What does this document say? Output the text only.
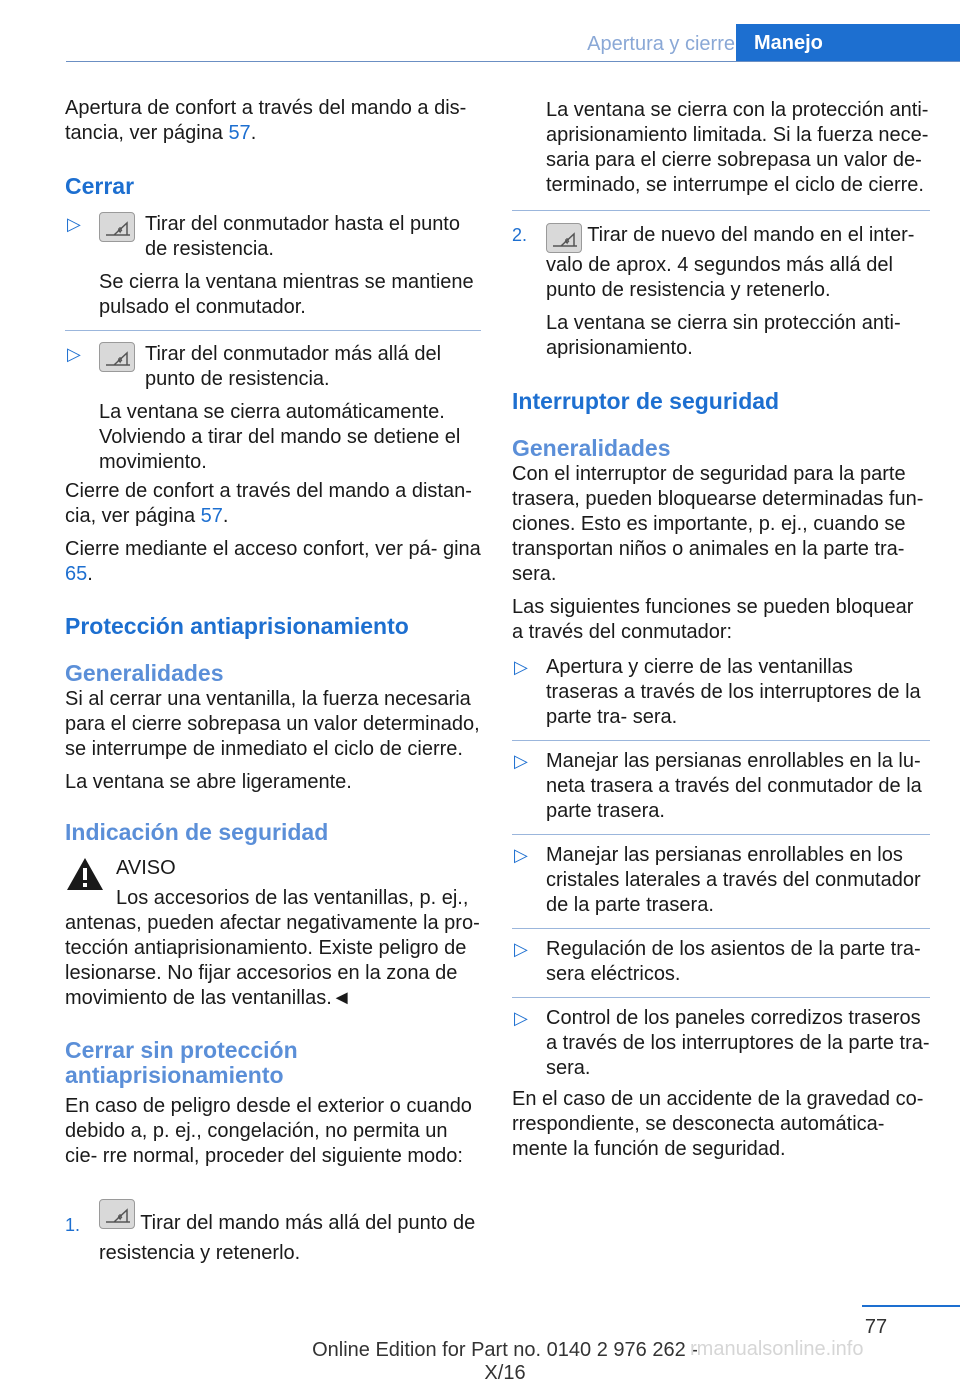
Apertura y cierre Manejo

Apertura de confort a través del mando a dis‐ tancia, ver página 57.

Cerrar
▷	Tirar del conmutador hasta el punto de resistencia.

Se cierra la ventana mientras se mantiene pulsado el conmutador.

▷	Tirar del conmutador más allá del punto de resistencia.

La ventana se cierra automáticamente. Volviendo a tirar del mando se detiene el movimiento.

Cierre de confort a través del mando a distan‐ cia, ver página 57.

Cierre mediante el acceso confort, ver pá‐ gina 65.

Protección antiaprisionamiento
Generalidades

Si al cerrar una ventanilla, la fuerza necesaria para el cierre sobrepasa un valor determinado, se interrumpe de inmediato el ciclo de cierre.

La ventana se abre ligeramente.

Indicación de seguridad

AVISO

Los accesorios de las ventanillas, p. ej.,

antenas, pueden afectar negativamente la pro‐ tección antiaprisionamiento. Existe peligro de lesionarse. No fijar accesorios en la zona de movimiento de las ventanillas.◄

Cerrar sin protección antiaprisionamiento

En caso de peligro desde el exterior o cuando debido a, p. ej., congelación, no permita un cie‐ rre normal, proceder del siguiente modo:

1.	Tirar del mando más allá del punto de resistencia y retenerlo.

La ventana se cierra con la protección anti‐ aprisionamiento limitada. Si la fuerza nece‐ saria para el cierre sobrepasa un valor de‐ terminado, se interrumpe el ciclo de cierre.

2.	Tirar de nuevo del mando en el inter‐ valo de aprox. 4 segundos más allá del punto de resistencia y retenerlo.

La ventana se cierra sin protección anti‐ aprisionamiento.

Interruptor de seguridad
Generalidades

Con el interruptor de seguridad para la parte trasera, pueden bloquearse determinadas fun‐ ciones. Esto es importante, p. ej., cuando se transportan niños o animales en la parte tra‐ sera.

Las siguientes funciones se pueden bloquear a través del conmutador:

▷ Apertura y cierre de las ventanillas traseras a través de los interruptores de la parte tra‐ sera.

▷ Manejar las persianas enrollables en la lu‐ neta trasera a través del conmutador de la parte trasera.

▷ Manejar las persianas enrollables en los cristales laterales a través del conmutador de la parte trasera.

▷ Regulación de los asientos de la parte tra‐ sera eléctricos.

▷ Control de los paneles corredizos traseros a través de los interruptores de la parte tra‐ sera.

En el caso de un accidente de la gravedad co‐ rrespondiente, se desconecta automática‐ mente la función de seguridad.

77
Online Edition for Part no. 0140 2 976 262 - X/16
rmanualsonline.info
